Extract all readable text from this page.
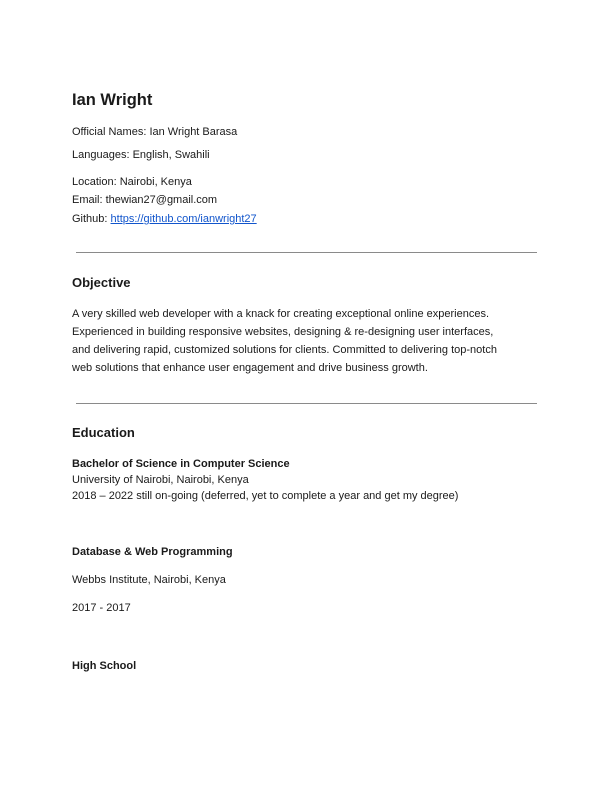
Ian Wright
Official Names: Ian Wright Barasa
Languages: English, Swahili
Location: Nairobi, Kenya
Email: thewian27@gmail.com
Github: https://github.com/ianwright27
Objective
A very skilled web developer with a knack for creating exceptional online experiences.
Experienced in building responsive websites, designing & re-designing user interfaces,
and delivering rapid, customized solutions for clients. Committed to delivering top-notch
web solutions that enhance user engagement and drive business growth.
Education
Bachelor of Science in Computer Science
University of Nairobi, Nairobi, Kenya
2018 – 2022 still on-going (deferred, yet to complete a year and get my degree)
Database & Web Programming
Webbs Institute, Nairobi, Kenya
2017 - 2017
High School
